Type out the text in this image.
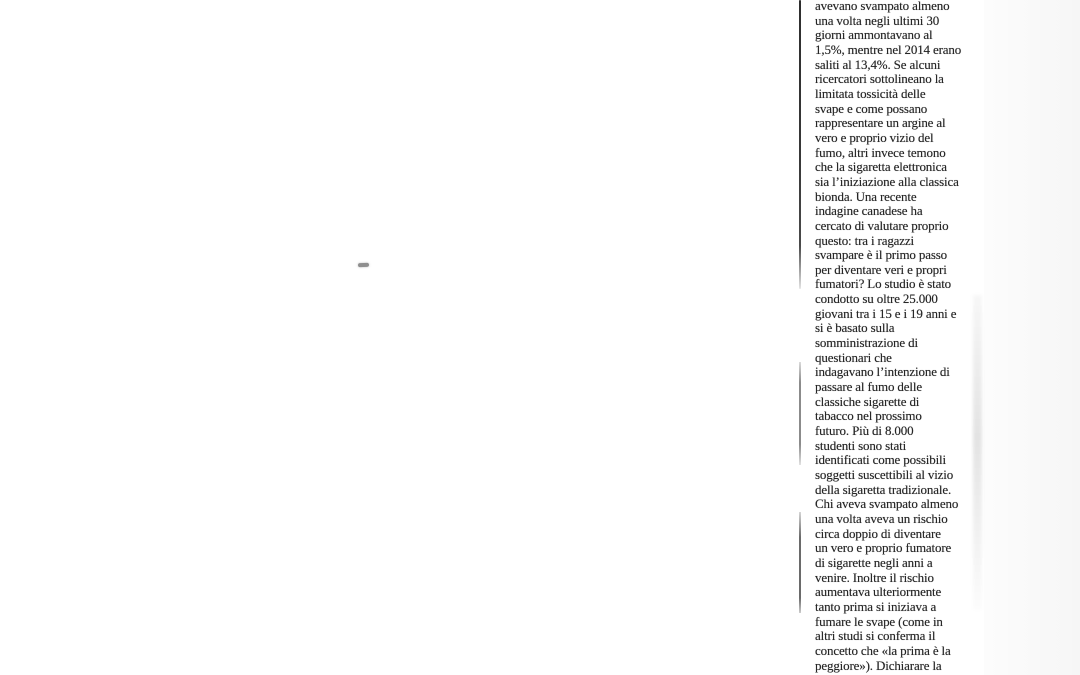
avevano svampato almeno
una volta negli ultimi 30
giorni ammontavano al
1,5%, mentre nel 2014 erano
saliti al 13,4%. Se alcuni
ricercatori sottolineano la
limitata tossicità delle
svape e come possano
rappresentare un argine al
vero e proprio vizio del
fumo, altri invece temono
che la sigaretta elettronica
sia l’iniziazione alla classica
bionda. Una recente
indagine canadese ha
cercato di valutare proprio
questo: tra i ragazzi
svampare è il primo passo
per diventare veri e propri
fumatori? Lo studio è stato
condotto su oltre 25.000
giovani tra i 15 e i 19 anni e
si è basato sulla
somministrazione di
questionari che
indagavano l’intenzione di
passare al fumo delle
classiche sigarette di
tabacco nel prossimo
futuro. Più di 8.000
studenti sono stati
identificati come possibili
soggetti suscettibili al vizio
della sigaretta tradizionale.
Chi aveva svampato almeno
una volta aveva un rischio
circa doppio di diventare
un vero e proprio fumatore
di sigarette negli anni a
venire. Inoltre il rischio
aumentava ulteriormente
tanto prima si iniziava a
fumare le svape (come in
altri studi si conferma il
concetto che «la prima è la
peggiore»). Dichiarare la
